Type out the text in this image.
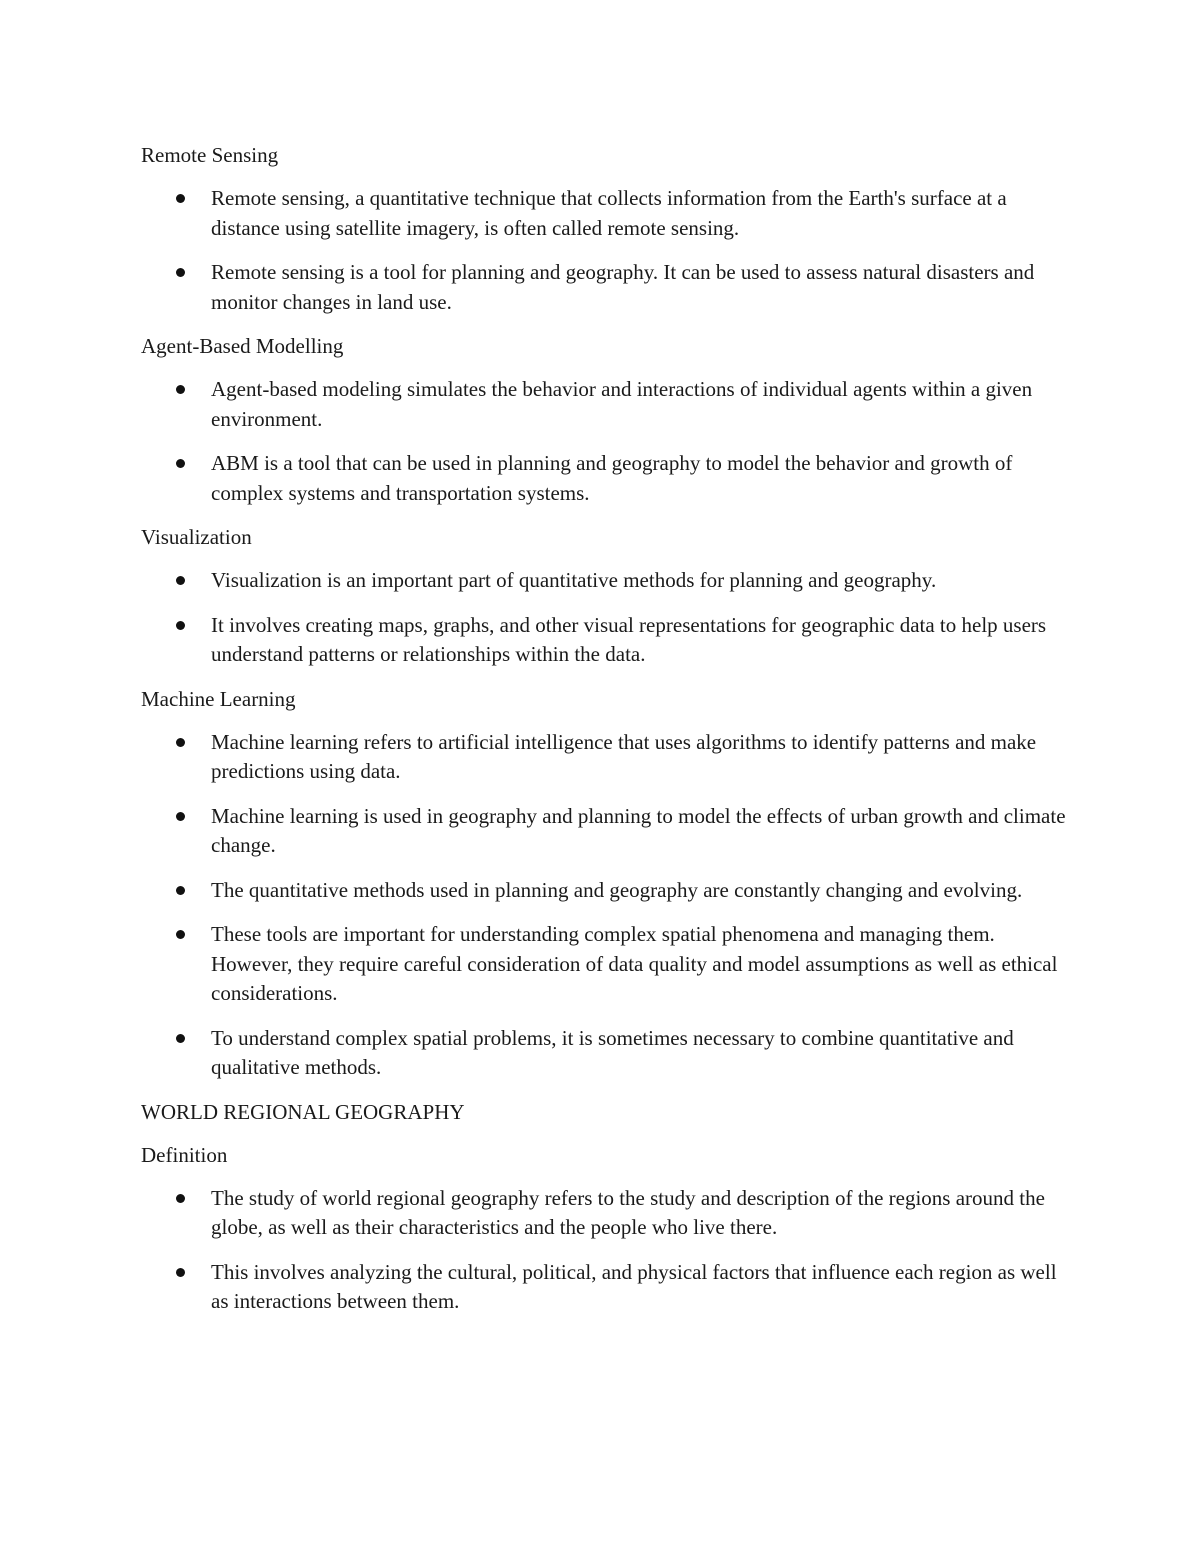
Remote Sensing

Remote sensing, a quantitative technique that collects information from the Earth's surface at a distance using satellite imagery, is often called remote sensing.
Remote sensing is a tool for planning and geography. It can be used to assess natural disasters and monitor changes in land use.

Agent-Based Modelling

Agent-based modeling simulates the behavior and interactions of individual agents within a given environment.
ABM is a tool that can be used in planning and geography to model the behavior and growth of complex systems and transportation systems.

Visualization

Visualization is an important part of quantitative methods for planning and geography.
It involves creating maps, graphs, and other visual representations for geographic data to help users understand patterns or relationships within the data.

Machine Learning

Machine learning refers to artificial intelligence that uses algorithms to identify patterns and make predictions using data.
Machine learning is used in geography and planning to model the effects of urban growth and climate change.
The quantitative methods used in planning and geography are constantly changing and evolving.
These tools are important for understanding complex spatial phenomena and managing them. However, they require careful consideration of data quality and model assumptions as well as ethical considerations.
To understand complex spatial problems, it is sometimes necessary to combine quantitative and qualitative methods.

WORLD REGIONAL GEOGRAPHY

Definition

The study of world regional geography refers to the study and description of the regions around the globe, as well as their characteristics and the people who live there.
This involves analyzing the cultural, political, and physical factors that influence each region as well as interactions between them.
